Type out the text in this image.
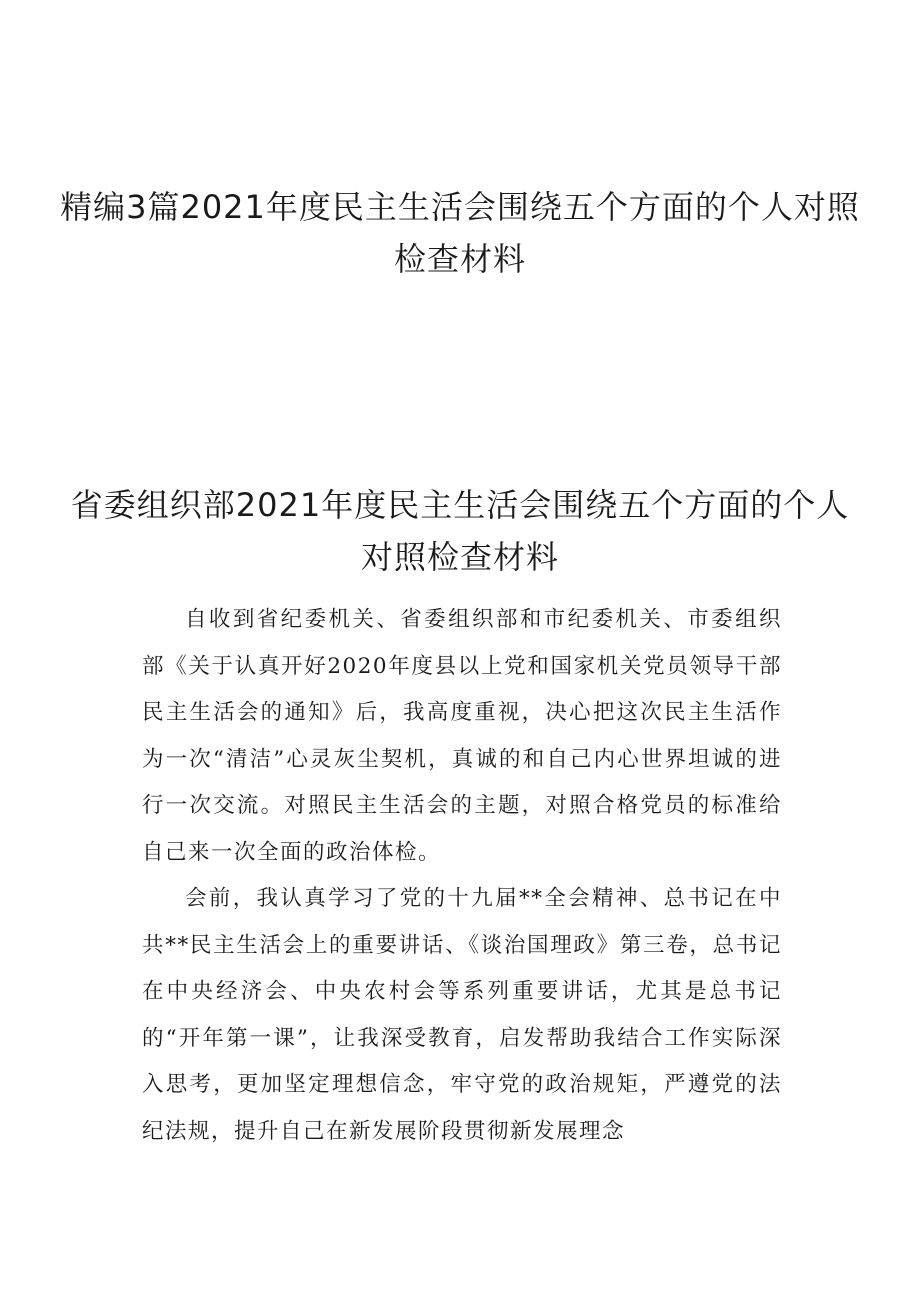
精编3篇2021年度民主生活会围绕五个方面的个人对照检查材料
省委组织部2021年度民主生活会围绕五个方面的个人对照检查材料

自收到省纪委机关、省委组织部和市纪委机关、市委组织部《关于认真开好2020年度县以上党和国家机关党员领导干部民主生活会的通知》后，我高度重视，决心把这次民主生活作为一次“清洁”心灵灰尘契机，真诚的和自己内心世界坦诚的进行一次交流。对照民主生活会的主题，对照合格党员的标准给自己来一次全面的政治体检。

会前，我认真学习了党的十九届**全会精神、总书记在中共**民主生活会上的重要讲话、《谈治国理政》第三卷，总书记在中央经济会、中央农村会等系列重要讲话，尤其是总书记的“开年第一课”，让我深受教育，启发帮助我结合工作实际深入思考，更加坚定理想信念，牢守党的政治规矩，严遵党的法纪法规，提升自己在新发展阶段贯彻新发展理念
